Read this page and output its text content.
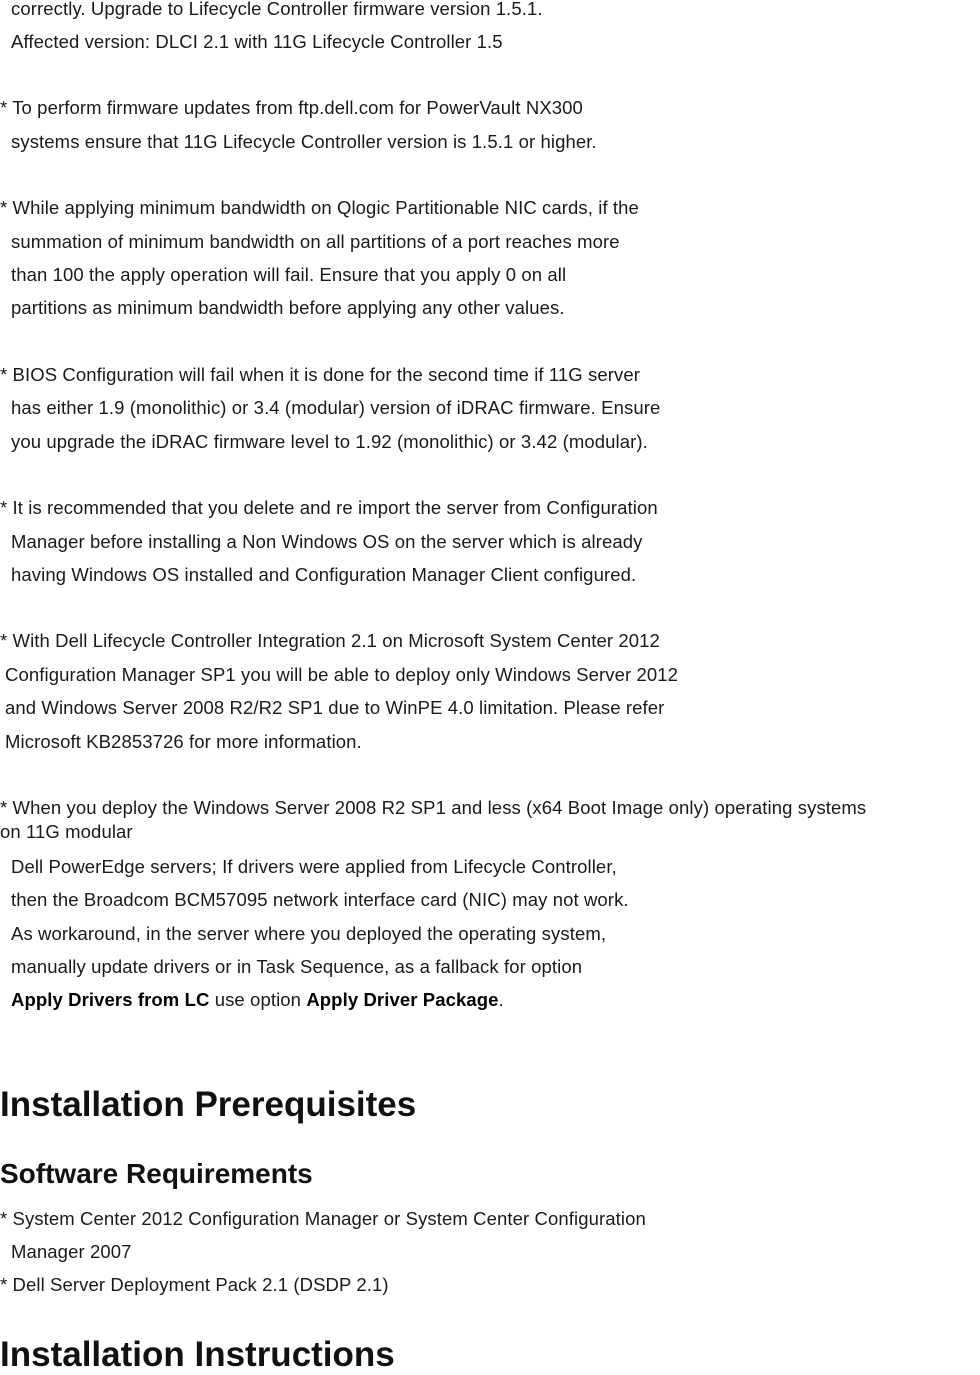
correctly. Upgrade to Lifecycle Controller firmware version 1.5.1.
Affected version: DLCI 2.1 with 11G Lifecycle Controller 1.5
* To perform firmware updates from ftp.dell.com for PowerVault NX300
systems ensure that 11G Lifecycle Controller version is 1.5.1 or higher.
* While applying minimum bandwidth on Qlogic Partitionable NIC cards, if the
summation of minimum bandwidth on all partitions of a port reaches more
than 100 the apply operation will fail. Ensure that you apply 0 on all
partitions as minimum bandwidth before applying any other values.
* BIOS Configuration will fail when it is done for the second time if 11G server
has either 1.9 (monolithic) or 3.4 (modular) version of iDRAC firmware. Ensure
you upgrade the iDRAC firmware level to 1.92 (monolithic) or 3.42 (modular).
* It is recommended that you delete and re import the server from Configuration
Manager before installing a Non Windows OS on the server which is already
having Windows OS installed and Configuration Manager Client configured.
* With Dell Lifecycle Controller Integration 2.1 on Microsoft System Center 2012
Configuration Manager SP1 you will be able to deploy only Windows Server 2012
and Windows Server 2008 R2/R2 SP1 due to WinPE 4.0 limitation. Please refer
Microsoft KB2853726 for more information.
* When you deploy the Windows Server 2008 R2 SP1 and less (x64 Boot Image only) operating systems
on 11G modular
Dell PowerEdge servers; If drivers were applied from Lifecycle Controller,
then the Broadcom BCM57095 network interface card (NIC) may not work.
As workaround, in the server where you deployed the operating system,
manually update drivers or in Task Sequence, as a fallback for option
Apply Drivers from LC use option Apply Driver Package.
Installation Prerequisites
Software Requirements
* System Center 2012 Configuration Manager or System Center Configuration
Manager 2007
* Dell Server Deployment Pack 2.1 (DSDP 2.1)
Installation Instructions
